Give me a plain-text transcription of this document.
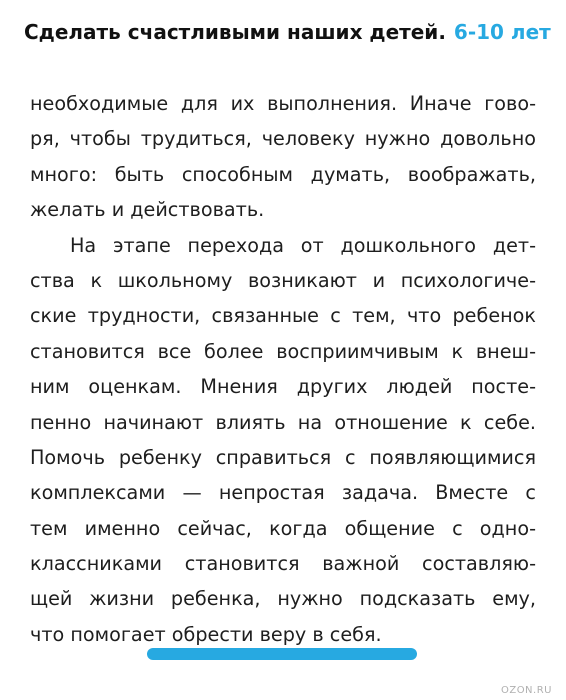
Сделать счастливыми наших детей. 6-10 лет
необходимые для их выполнения. Иначе гово-
ря, чтобы трудиться, человеку нужно довольно
много: быть способным думать, воображать,
желать и действовать.
На этапе перехода от дошкольного дет-
ства к школьному возникают и психологиче-
ские трудности, связанные с тем, что ребенок
становится все более восприимчивым к внеш-
ним оценкам. Мнения других людей посте-
пенно начинают влиять на отношение к себе.
Помочь ребенку справиться с появляющимися
комплексами — непростая задача. Вместе с
тем именно сейчас, когда общение с одно-
классниками становится важной составляю-
щей жизни ребенка, нужно подсказать ему,
что помогает обрести веру в себя.
OZON.RU
